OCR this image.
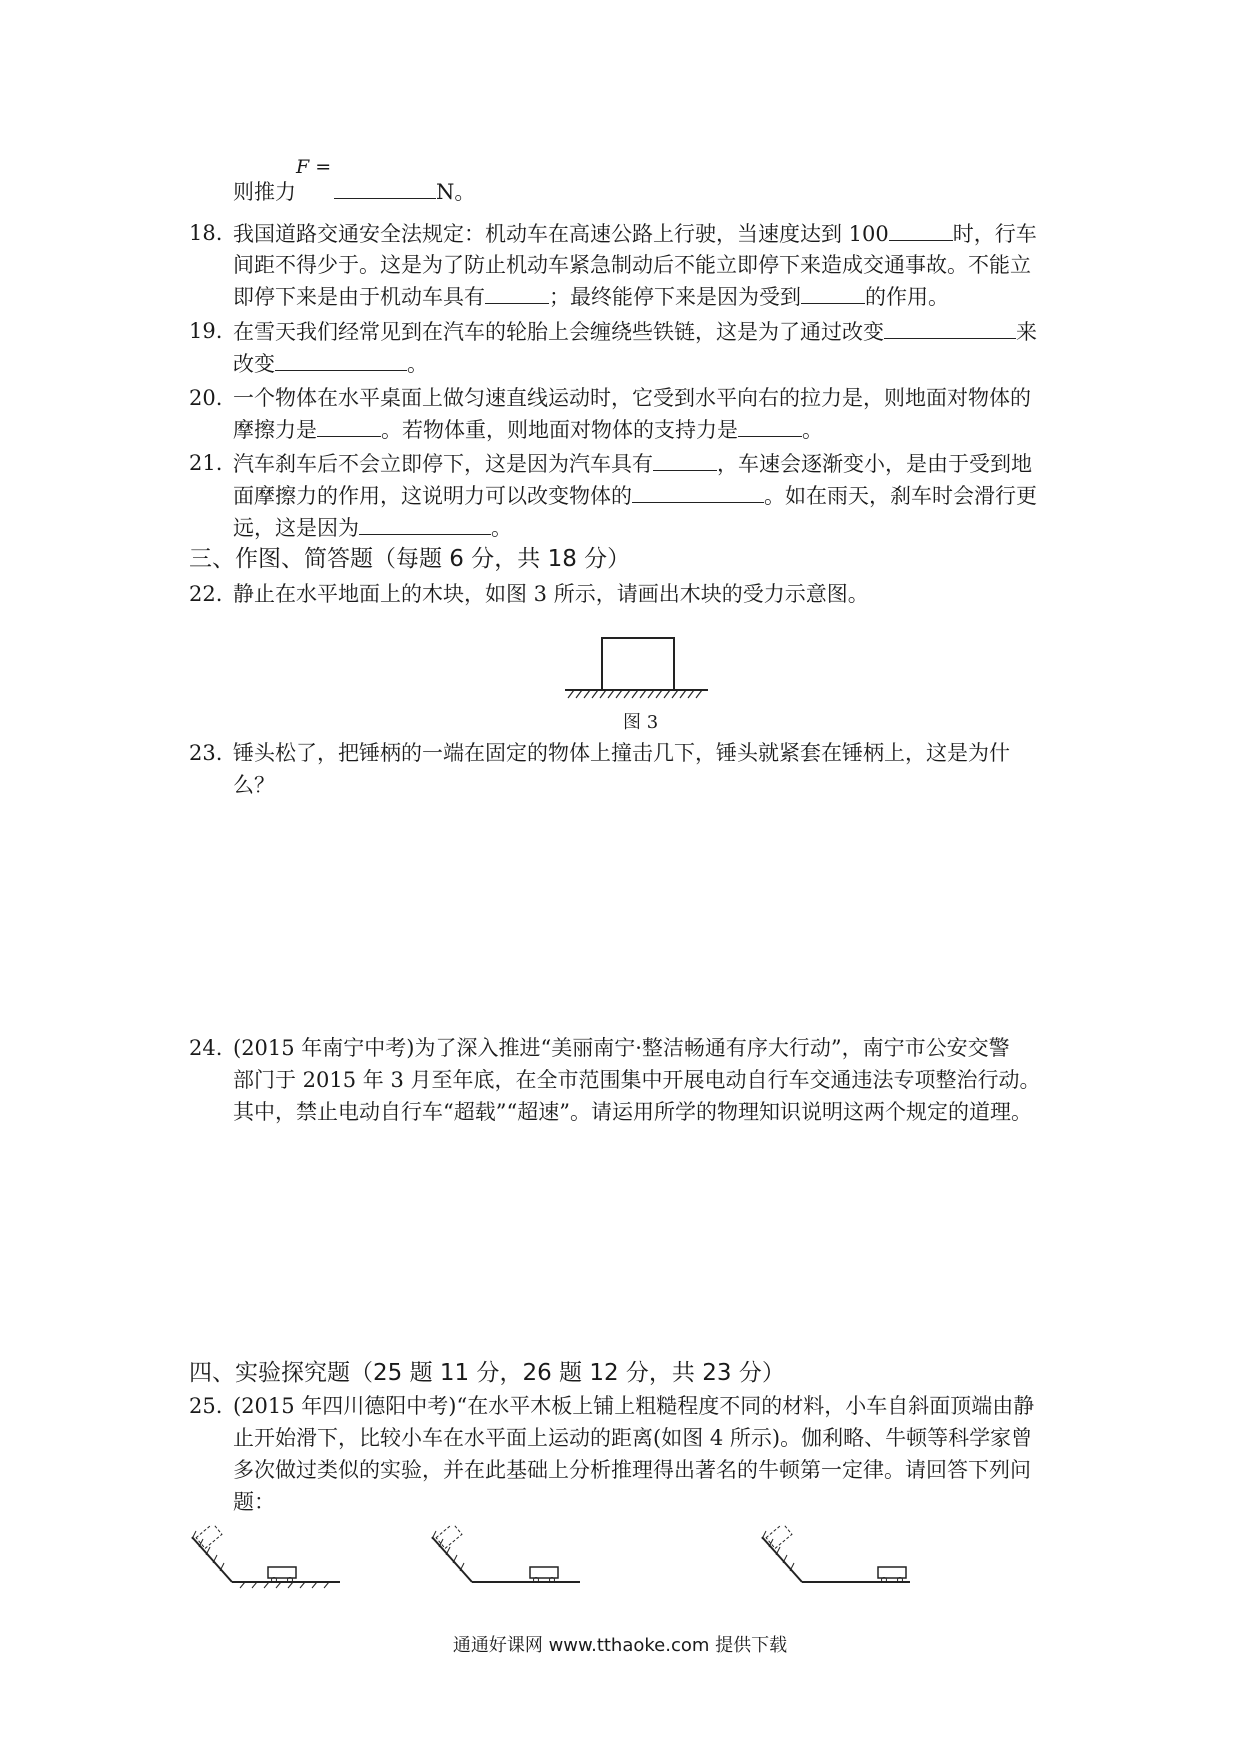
F =
则推力	N。
18. 我国道路交通安全法规定：机动车在高速公路上行驶，当速度达到 100	时，行车
间距不得少于。这是为了防止机动车紧急制动后不能立即停下来造成交通事故。不能立
即停下来是由于机动车具有	；最终能停下来是因为受到	的作用。
19. 在雪天我们经常见到在汽车的轮胎上会缠绕些铁链，这是为了通过改变	来
改变	。
20. 一个物体在水平桌面上做匀速直线运动时，它受到水平向右的拉力是，则地面对物体的
摩擦力是	。若物体重，则地面对物体的支持力是	。
21. 汽车刹车后不会立即停下，这是因为汽车具有	，车速会逐渐变小，是由于受到地
面摩擦力的作用，这说明力可以改变物体的	。如在雨天，刹车时会滑行更
远，这是因为	。
三、作图、简答题（每题 6 分，共 18 分）
22. 静止在水平地面上的木块，如图 3 所示，请画出木块的受力示意图。
图 3
23. 锤头松了，把锤柄的一端在固定的物体上撞击几下，锤头就紧套在锤柄上，这是为什
么？
24. (2015 年南宁中考)为了深入推进“美丽南宁·整洁畅通有序大行动”，南宁市公安交警
部门于 2015 年 3 月至年底，在全市范围集中开展电动自行车交通违法专项整治行动。
其中，禁止电动自行车“超载”“超速”。请运用所学的物理知识说明这两个规定的道理。
四、实验探究题（25 题 11 分，26 题 12 分，共 23 分）
25. (2015 年四川德阳中考)“在水平木板上铺上粗糙程度不同的材料，小车自斜面顶端由静
止开始滑下，比较小车在水平面上运动的距离(如图 4 所示)。伽利略、牛顿等科学家曾
多次做过类似的实验，并在此基础上分析推理得出著名的牛顿第一定律。请回答下列问
题：
通通好课网 www.tthaoke.com 提供下载
